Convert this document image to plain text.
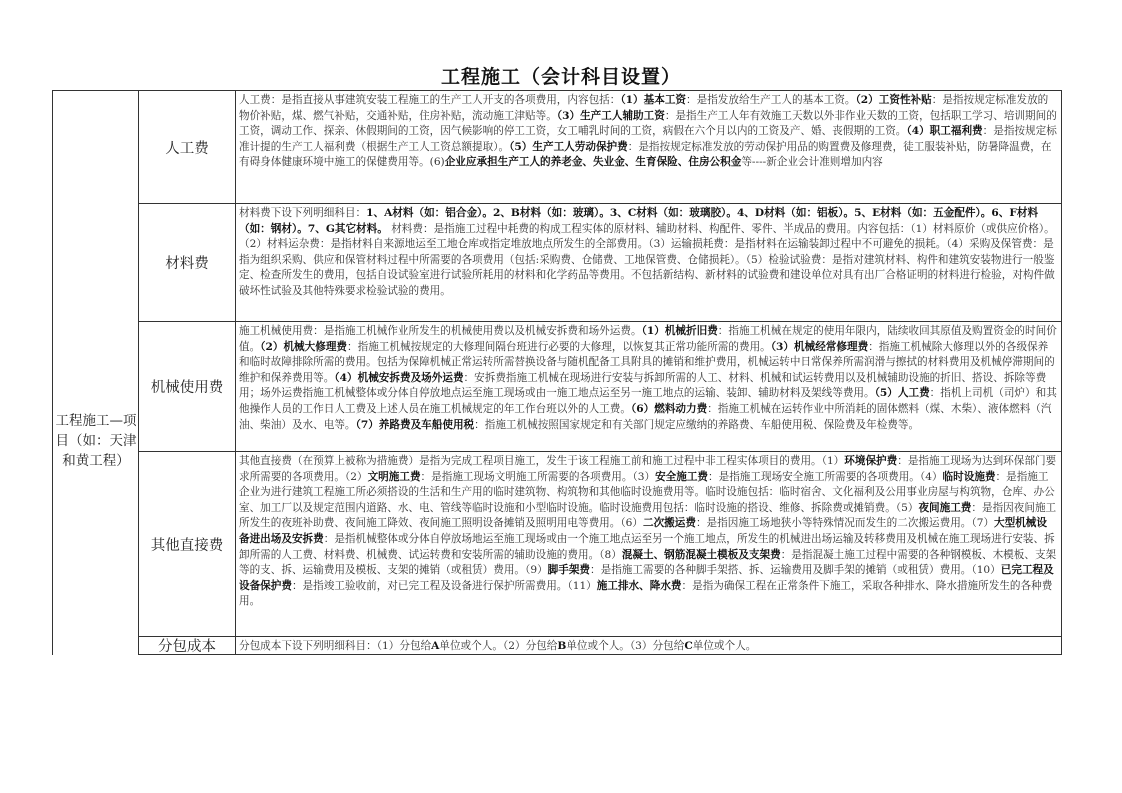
工程施工（会计科目设置）
工程施工—项目（如：天津和黄工程）
人工费
人工费：是指直接从事建筑安装工程施工的生产工人开支的各项费用，内容包括：（1）基本工资：是指发放给生产工人的基本工资。（2）工资性补贴：是指按规定标准发放的物价补贴，煤、燃气补贴，交通补贴，住房补贴，流动施工津贴等。（3）生产工人辅助工资：是指生产工人年有效施工天数以外非作业天数的工资，包括职工学习、培训期间的工资，调动工作、探亲、休假期间的工资，因气候影响的停工工资，女工哺乳时间的工资，病假在六个月以内的工资及产、婚、丧假期的工资。（4）职工福利费：是指按规定标准计提的生产工人福利费（根据生产工人工资总额提取）。（5）生产工人劳动保护费：是指按规定标准发放的劳动保护用品的购置费及修理费，徒工服装补贴，防暑降温费，在有碍身体健康环境中施工的保健费用等。(6)企业应承担生产工人的养老金、失业金、生育保险、住房公积金等----新企业会计准则增加内容
材料费
材料费下设下列明细科目：1、A材料（如：铝合金）。2、B材料（如：玻璃）。3、C材料（如：玻璃胶）。4、D材料（如：铝板）。5、E材料（如：五金配件）。6、F材料（如：钢材）。7、G其它材料。 材料费：是指施工过程中耗费的构成工程实体的原材料、辅助材料、构配件、零件、半成品的费用。内容包括：（1）材料原价（或供应价格）。（2）材料运杂费：是指材料自来源地运至工地仓库或指定堆放地点所发生的全部费用。（3）运输损耗费：是指材料在运输装卸过程中不可避免的损耗。（4）采购及保管费：是指为组织采购、供应和保管材料过程中所需要的各项费用（包括:采购费、仓储费、工地保管费、仓储损耗）。（5）检验试验费：是指对建筑材料、构件和建筑安装物进行一般鉴定、检查所发生的费用，包括自设试验室进行试验所耗用的材料和化学药品等费用。不包括新结构、新材料的试验费和建设单位对具有出厂合格证明的材料进行检验，对构件做破坏性试验及其他特殊要求检验试验的费用。
机械使用费
施工机械使用费：是指施工机械作业所发生的机械使用费以及机械安拆费和场外运费。（1）机械折旧费：指施工机械在规定的使用年限内，陆续收回其原值及购置资金的时间价值。（2）机械大修理费：指施工机械按规定的大修理间隔台班进行必要的大修理，以恢复其正常功能所需的费用。（3）机械经常修理费：指施工机械除大修理以外的各级保养和临时故障排除所需的费用。包括为保障机械正常运转所需替换设备与随机配备工具附具的摊销和维护费用，机械运转中日常保养所需润滑与擦拭的材料费用及机械停滞期间的维护和保养费用等。（4）机械安拆费及场外运费：安拆费指施工机械在现场进行安装与拆卸所需的人工、材料、机械和试运转费用以及机械辅助设施的折旧、搭设、拆除等费用；场外运费指施工机械整体或分体自停放地点运至施工现场或由一施工地点运至另一施工地点的运输、装卸、辅助材料及架线等费用。（5）人工费：指机上司机（司炉）和其他操作人员的工作日人工费及上述人员在施工机械规定的年工作台班以外的人工费。（6）燃料动力费：指施工机械在运转作业中所消耗的固体燃料（煤、木柴）、液体燃料（汽油、柴油）及水、电等。（7）养路费及车船使用税：指施工机械按照国家规定和有关部门规定应缴纳的养路费、车船使用税、保险费及年检费等。
其他直接费
其他直接费（在预算上被称为措施费）是指为完成工程项目施工，发生于该工程施工前和施工过程中非工程实体项目的费用。（1）环境保护费：是指施工现场为达到环保部门要求所需要的各项费用。（2）文明施工费：是指施工现场文明施工所需要的各项费用。（3）安全施工费：是指施工现场安全施工所需要的各项费用。（4）临时设施费：是指施工企业为进行建筑工程施工所必须搭设的生活和生产用的临时建筑物、构筑物和其他临时设施费用等。临时设施包括：临时宿舍、文化福利及公用事业房屋与构筑物，仓库、办公室、加工厂以及规定范围内道路、水、电、管线等临时设施和小型临时设施。临时设施费用包括：临时设施的搭设、维修、拆除费或摊销费。（5）夜间施工费：是指因夜间施工所发生的夜班补助费、夜间施工降效、夜间施工照明设备摊销及照明用电等费用。（6）二次搬运费：是指因施工场地狭小等特殊情况而发生的二次搬运费用。（7）大型机械设备进出场及安拆费：是指机械整体或分体自停放场地运至施工现场或由一个施工地点运至另一个施工地点，所发生的机械进出场运输及转移费用及机械在施工现场进行安装、拆卸所需的人工费、材料费、机械费、试运转费和安装所需的辅助设施的费用。（8）混凝土、钢筋混凝土模板及支架费：是指混凝土施工过程中需要的各种钢模板、木模板、支架等的支、拆、运输费用及模板、支架的摊销（或租赁）费用。（9）脚手架费：是指施工需要的各种脚手架搭、拆、运输费用及脚手架的摊销（或租赁）费用。（10）已完工程及设备保护费：是指竣工验收前，对已完工程及设备进行保护所需费用。（11）施工排水、降水费：是指为确保工程在正常条件下施工，采取各种排水、降水措施所发生的各种费用。
分包成本	分包成本下设下列明细科目：（1）分包给A单位或个人。（2）分包给B单位或个人。（3）分包给C单位或个人。
